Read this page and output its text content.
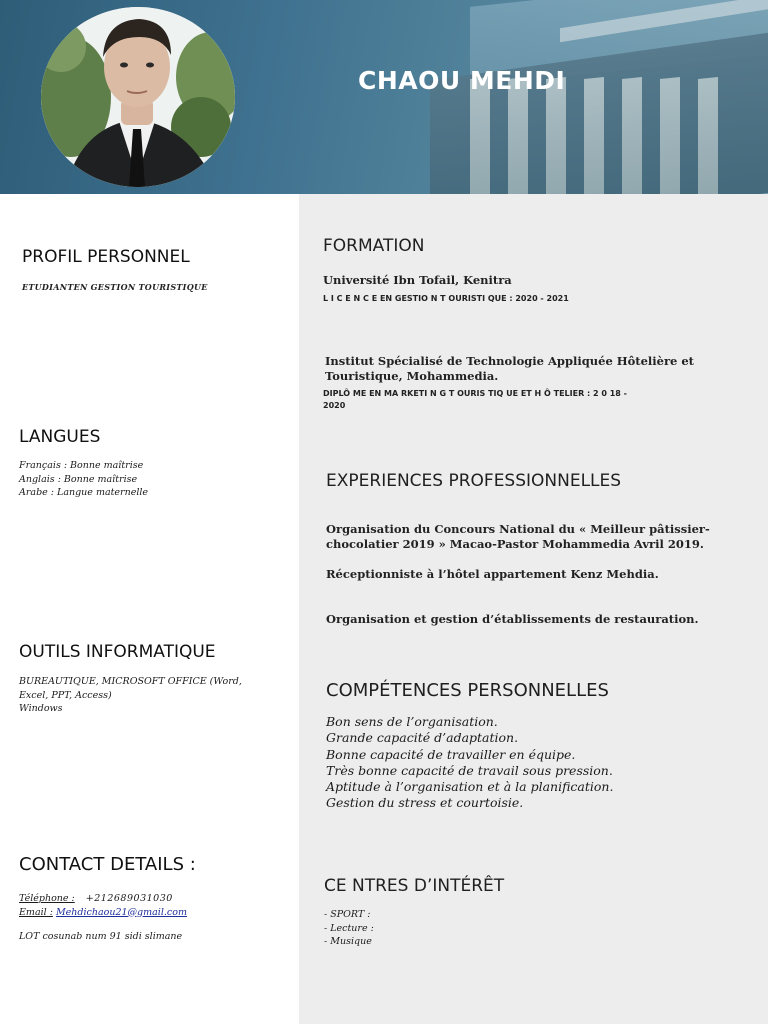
CHAOU MEHDI
PROFIL PERSONNEL
ETUDIANTEN GESTION TOURISTIQUE
LANGUES
Français : Bonne maîtrise
Anglais : Bonne maîtrise
Arabe : Langue maternelle
OUTILS INFORMATIQUE
BUREAUTIQUE, MICROSOFT OFFICE (Word,
Excel, PPT, Access)
Windows
CONTACT DETAILS :
Téléphone : +212689031030
Email : Mehdichaou21@gmail.com
LOT cosunab num 91 sidi slimane
FORMATION
Université Ibn Tofail, Kenitra
L I C E N C E EN GESTIO N T OURISTI QUE : 2020 - 2021
Institut Spécialisé de Technologie Appliquée Hôtelière et Touristique, Mohammedia.
DIPLÔ ME EN MA RKETI N G T OURIS TIQ UE ET H Ô TELIER : 2 0 18 -
2020
EXPERIENCES PROFESSIONNELLES
Organisation du Concours National du « Meilleur pâtissier-chocolatier 2019 » Macao-Pastor Mohammedia Avril 2019.
Réceptionniste à l’hôtel appartement Kenz Mehdia.
Organisation et gestion d’établissements de restauration.
COMPÉTENCES PERSONNELLES
Bon sens de l’organisation.
Grande capacité d’adaptation.
Bonne capacité de travailler en équipe.
Très bonne capacité de travail sous pression.
Aptitude à l’organisation et à la planification.
Gestion du stress et courtoisie.
CE NTRES D’INTÉRÊT
- SPORT :
- Lecture :
- Musique
